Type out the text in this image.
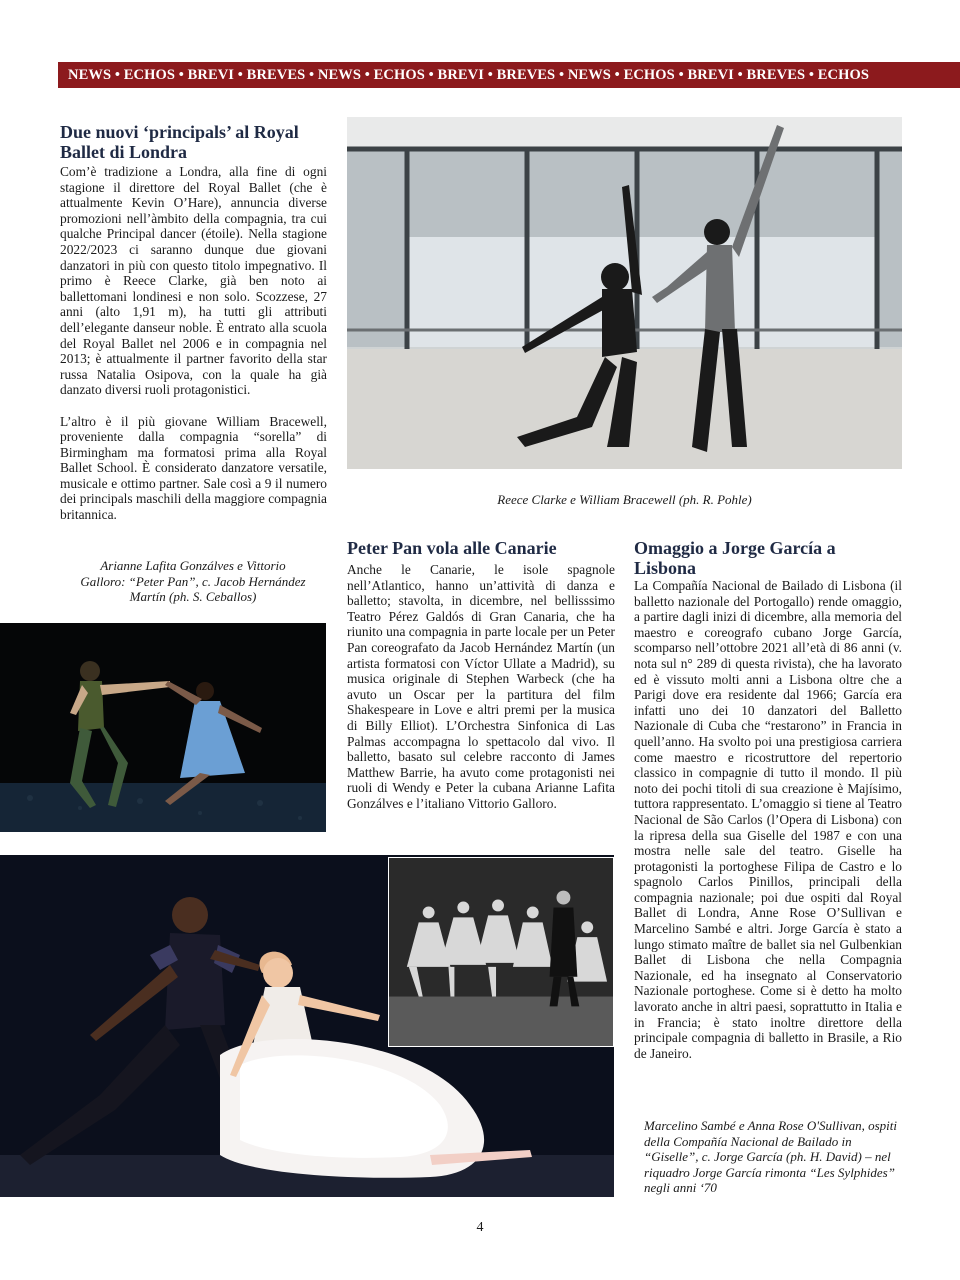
NEWS • ECHOS • BREVI • BREVES • NEWS • ECHOS • BREVI • BREVES • NEWS • ECHOS • BREVI • BREVES • ECHOS
Due nuovi ‘principals’ al Royal
Ballet di Londra

Com’è tradizione a Londra, alla fine di ogni stagione il direttore del Royal Ballet (che è attualmente Kevin O’Hare), annuncia diverse promozioni nell’àmbito della compagnia, tra cui qualche Principal dancer (étoile). Nella stagione 2022/2023 ci saranno dunque due giovani danzatori in più con questo titolo impegnativo. Il primo è Reece Clarke, già ben noto ai ballettomani londinesi e non solo. Scozzese, 27 anni (alto 1,91 m), ha tutti gli attributi dell’elegante danseur noble. È entrato alla scuola del Royal Ballet nel 2006 e in compagnia nel 2013; è attualmente il partner favorito della star russa Natalia Osipova, con la quale ha già danzato diversi ruoli protagonistici.

L’altro è il più giovane William Bracewell, proveniente dalla compagnia “sorella” di Birmingham ma formatosi prima alla Royal Ballet School. È considerato danzatore versatile, musicale e ottimo partner. Sale così a 9 il numero dei principals maschili della maggiore compagnia britannica.

Reece Clarke e William Bracewell (ph. R. Pohle)
Arianne Lafita Gonzálves e Vittorio Galloro: “Peter Pan”, c. Jacob Hernández Martín (ph. S. Ceballos)
Peter Pan vola alle Canarie

Anche le Canarie, le isole spagnole nell’Atlantico, hanno un’attività di danza e balletto; stavolta, in dicembre, nel bellisssimo Teatro Pérez Galdós di Gran Canaria, che ha riunito una compagnia in parte locale per un Peter Pan coreografato da Jacob Hernández Martín (un artista formatosi con Víctor Ullate a Madrid), su musica originale di Stephen Warbeck (che ha avuto un Oscar per la partitura del film Shakespeare in Love e altri premi per la musica di Billy Elliot). L’Orchestra Sinfonica di Las Palmas accompagna lo spettacolo dal vivo. Il balletto, basato sul celebre racconto di James Matthew Barrie, ha avuto come protagonisti nei ruoli di Wendy e Peter la cubana Arianne Lafita Gonzálves e l’italiano Vittorio Galloro.

Omaggio a Jorge García a
Lisbona

La Compañía Nacional de Bailado di Lisbona (il balletto nazionale del Portogallo) rende omaggio, a partire dagli inizi di dicembre, alla memoria del maestro e coreografo cubano Jorge García, scomparso nell’ottobre 2021 all’età di 86 anni (v. nota sul n° 289 di questa rivista), che ha lavorato ed è vissuto molti anni a Lisbona oltre che a Parigi dove era residente dal 1966; García era infatti uno dei 10 danzatori del Balletto Nazionale di Cuba che “restarono” in Francia in quell’anno. Ha svolto poi una prestigiosa carriera come maestro e ricostruttore del repertorio classico in compagnie di tutto il mondo. Il più noto dei pochi titoli di sua creazione è Majísimo, tuttora rappresentato. L’omaggio si tiene al Teatro Nacional de São Carlos (l’Opera di Lisbona) con la ripresa della sua Giselle del 1987 e con una mostra nelle sale del teatro. Giselle ha protagonisti la portoghese Filipa de Castro e lo spagnolo Carlos Pinillos, principali della compagnia nazionale; poi due ospiti dal Royal Ballet di Londra, Anne Rose O’Sullivan e Marcelino Sambé e altri. Jorge García è stato a lungo stimato maître de ballet sia nel Gulbenkian Ballet di Lisbona che nella Compagnia Nazionale, ed ha insegnato al Conservatorio Nazionale portoghese. Come si è detto ha molto lavorato anche in altri paesi, soprattutto in Italia e in Francia; è stato inoltre direttore della principale compagnia di balletto in Brasile, a Rio de Janeiro.

Marcelino Sambé e Anna Rose O'Sullivan, ospiti della Compañía Nacional de Bailado in “Giselle”, c. Jorge García (ph. H. David) – nel riquadro Jorge García rimonta “Les Sylphides” negli anni ‘70
4
